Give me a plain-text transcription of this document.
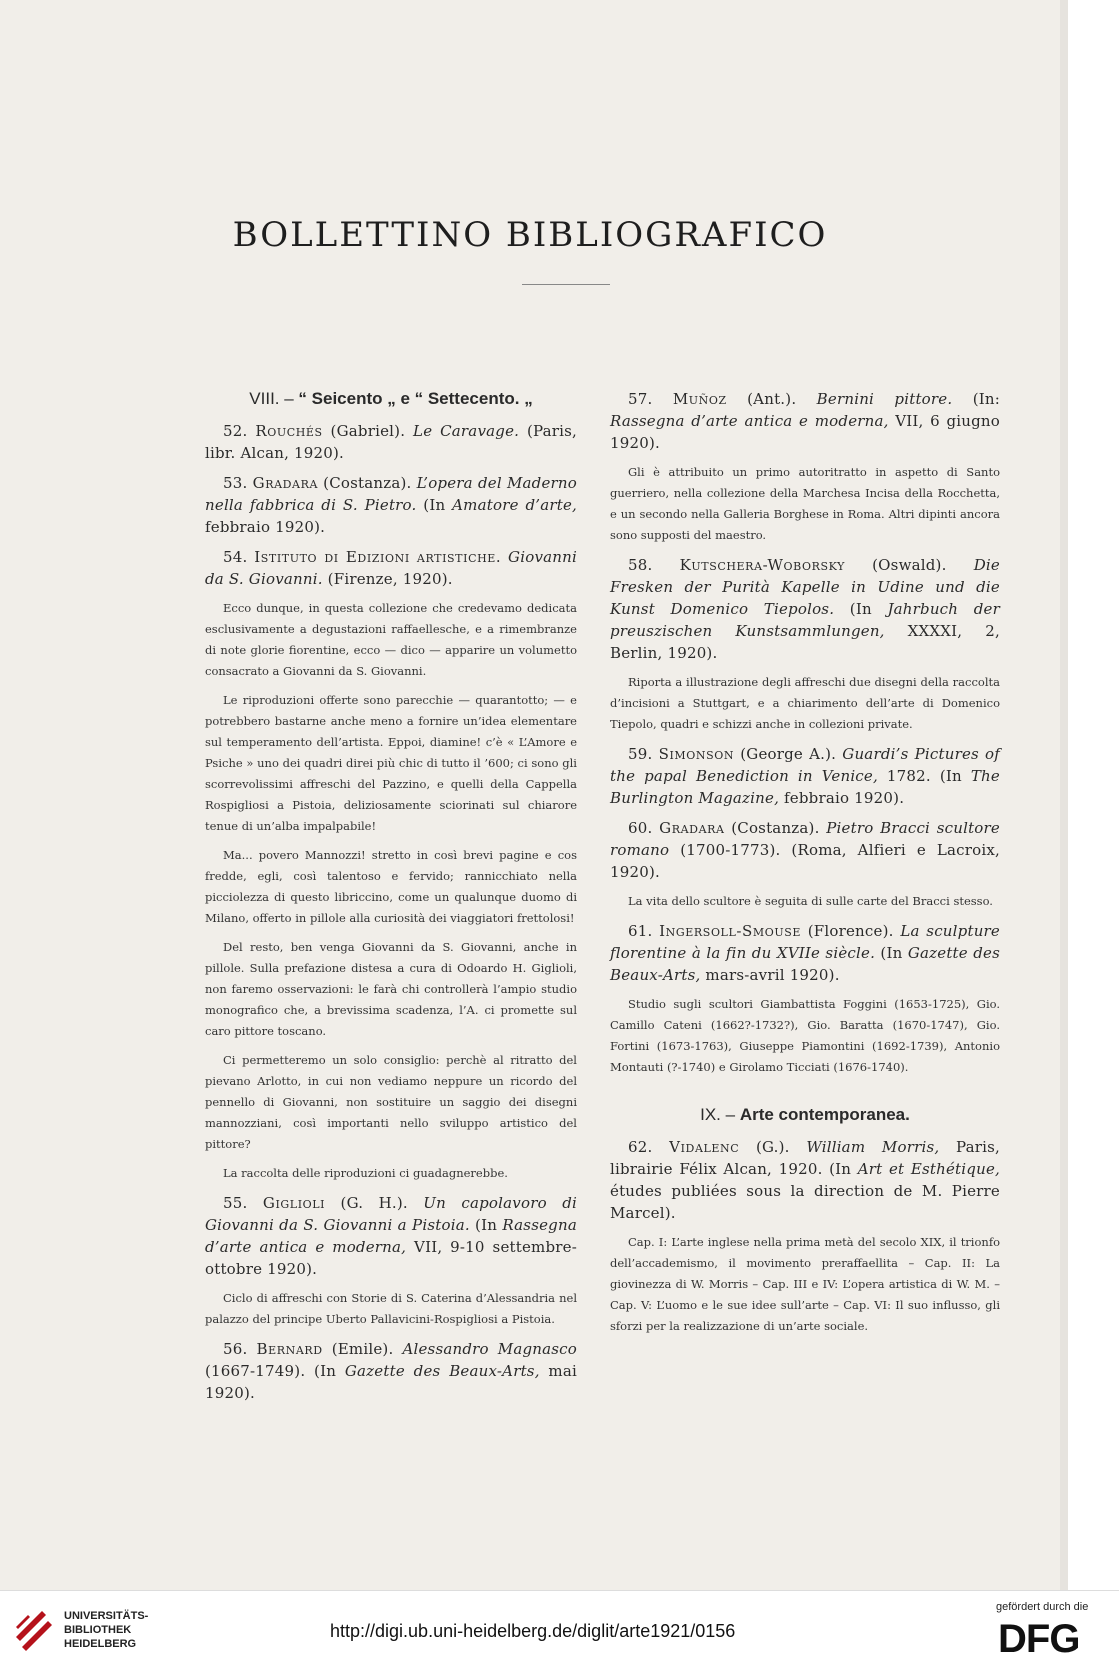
BOLLETTINO BIBLIOGRAFICO
VIII. – “ Seicento „ e “ Settecento. „

52. Rouchés (Gabriel). Le Caravage. (Paris, libr. Alcan, 1920).

53. Gradara (Costanza). L’opera del Maderno nella fabbrica di S. Pietro. (In Amatore d’arte, febbraio 1920).

54. Istituto di Edizioni artistiche. Giovanni da S. Giovanni. (Firenze, 1920).

Ecco dunque, in questa collezione che credevamo dedicata esclusivamente a degustazioni raffaellesche, e a rimembranze di note glorie fiorentine, ecco — dico — apparire un volumetto consacrato a Giovanni da S. Giovanni.

Le riproduzioni offerte sono parecchie — quarantotto; — e potrebbero bastarne anche meno a fornire un’idea elementare sul temperamento dell’artista. Eppoi, diamine! c’è « L’Amore e Psiche » uno dei quadri direi più chic di tutto il ’600; ci sono gli scorrevolissimi affreschi del Pazzino, e quelli della Cappella Rospigliosi a Pistoia, deliziosamente sciorinati sul chiarore tenue di un’alba impalpabile!

Ma... povero Mannozzi! stretto in così brevi pagine e cos fredde, egli, così talentoso e fervido; rannicchiato nella picciolezza di questo libriccino, come un qualunque duomo di Milano, offerto in pillole alla curiosità dei viaggiatori frettolosi!

Del resto, ben venga Giovanni da S. Giovanni, anche in pillole. Sulla prefazione distesa a cura di Odoardo H. Giglioli, non faremo osservazioni: le farà chi controllerà l’ampio studio monografico che, a brevissima scadenza, l’A. ci promette sul caro pittore toscano.

Ci permetteremo un solo consiglio: perchè al ritratto del pievano Arlotto, in cui non vediamo neppure un ricordo del pennello di Giovanni, non sostituire un saggio dei disegni mannozziani, così importanti nello sviluppo artistico del pittore?

La raccolta delle riproduzioni ci guadagnerebbe.

55. Giglioli (G. H.). Un capolavoro di Giovanni da S. Giovanni a Pistoia. (In Rassegna d’arte antica e moderna, VII, 9-10 settembre-ottobre 1920).

Ciclo di affreschi con Storie di S. Caterina d’Alessandria nel palazzo del principe Uberto Pallavicini-Rospigliosi a Pistoia.

56. Bernard (Emile). Alessandro Magnasco (1667-1749). (In Gazette des Beaux-Arts, mai 1920).

57. Muñoz (Ant.). Bernini pittore. (In: Rassegna d’arte antica e moderna, VII, 6 giugno 1920).

Gli è attribuito un primo autoritratto in aspetto di Santo guerriero, nella collezione della Marchesa Incisa della Rocchetta, e un secondo nella Galleria Borghese in Roma. Altri dipinti ancora sono supposti del maestro.

58. Kutschera-Woborsky (Oswald). Die Fresken der Purità Kapelle in Udine und die Kunst Domenico Tiepolos. (In Jahrbuch der preuszischen Kunstsammlungen, XXXXI, 2, Berlin, 1920).

Riporta a illustrazione degli affreschi due disegni della raccolta d’incisioni a Stuttgart, e a chiarimento dell’arte di Domenico Tiepolo, quadri e schizzi anche in collezioni private.

59. Simonson (George A.). Guardi’s Pictures of the papal Benediction in Venice, 1782. (In The Burlington Magazine, febbraio 1920).

60. Gradara (Costanza). Pietro Bracci scultore romano (1700-1773). (Roma, Alfieri e Lacroix, 1920).

La vita dello scultore è seguita di sulle carte del Bracci stesso.

61. Ingersoll-Smouse (Florence). La sculpture florentine à la fin du XVIIe siècle. (In Gazette des Beaux-Arts, mars-avril 1920).

Studio sugli scultori Giambattista Foggini (1653-1725), Gio. Camillo Cateni (1662?-1732?), Gio. Baratta (1670-1747), Gio. Fortini (1673-1763), Giuseppe Piamontini (1692-1739), Antonio Montauti (?-1740) e Girolamo Ticciati (1676-1740).

IX. – Arte contemporanea.

62. Vidalenc (G.). William Morris, Paris, librairie Félix Alcan, 1920. (In Art et Esthétique, études publiées sous la direction de M. Pierre Marcel).

Cap. I: L’arte inglese nella prima metà del secolo XIX, il trionfo dell’accademismo, il movimento preraffaellita – Cap. II: La giovinezza di W. Morris – Cap. III e IV: L’opera artistica di W. M. – Cap. V: L’uomo e le sue idee sull’arte – Cap. VI: Il suo influsso, gli sforzi per la realizzazione di un’arte sociale.

UNIVERSITÄTS-
BIBLIOTHEK
HEIDELBERG
http://digi.ub.uni-heidelberg.de/diglit/arte1921/0156
gefördert durch die
DFG
